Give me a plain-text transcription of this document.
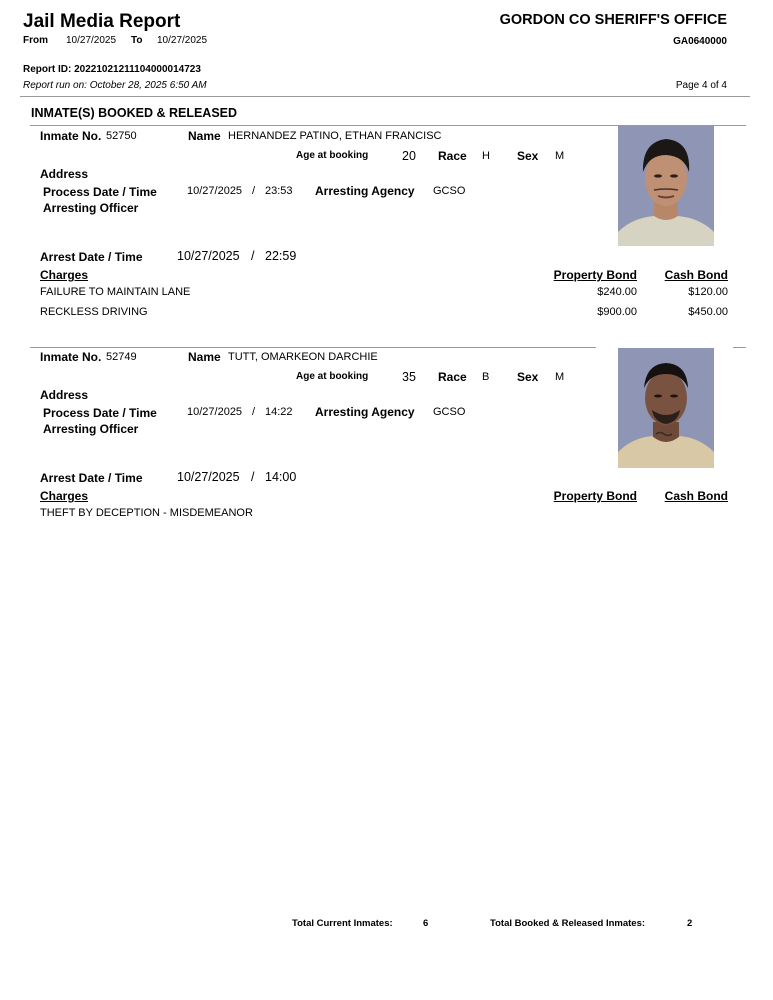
Jail Media Report
From 10/27/2025 To 10/27/2025
GORDON CO SHERIFF'S OFFICE
GA0640000
Report ID: 20221021211104000014723
Report run on: October 28, 2025 6:50 AM	Page 4 of 4
INMATE(S) BOOKED & RELEASED
Inmate No. 52750	Name HERNANDEZ PATINO, ETHAN FRANCISC
Age at booking	20 Race H Sex M
Address
Process Date / Time	10/27/2025 / 23:53 Arresting Agency GCSO
Arresting Officer
Arrest Date / Time	10/27/2025 / 22:59
Charges	Property Bond Cash Bond
FAILURE TO MAINTAIN LANE	$240.00	$120.00
RECKLESS DRIVING	$900.00	$450.00
Inmate No. 52749	Name TUTT, OMARKEON DARCHIE
Age at booking	35 Race B Sex M
Address
Process Date / Time	10/27/2025 / 14:22 Arresting Agency GCSO
Arresting Officer
Arrest Date / Time	10/27/2025 / 14:00
Charges	Property Bond Cash Bond
THEFT BY DECEPTION - MISDEMEANOR
Total Current Inmates:	6	Total Booked & Released Inmates:	2
